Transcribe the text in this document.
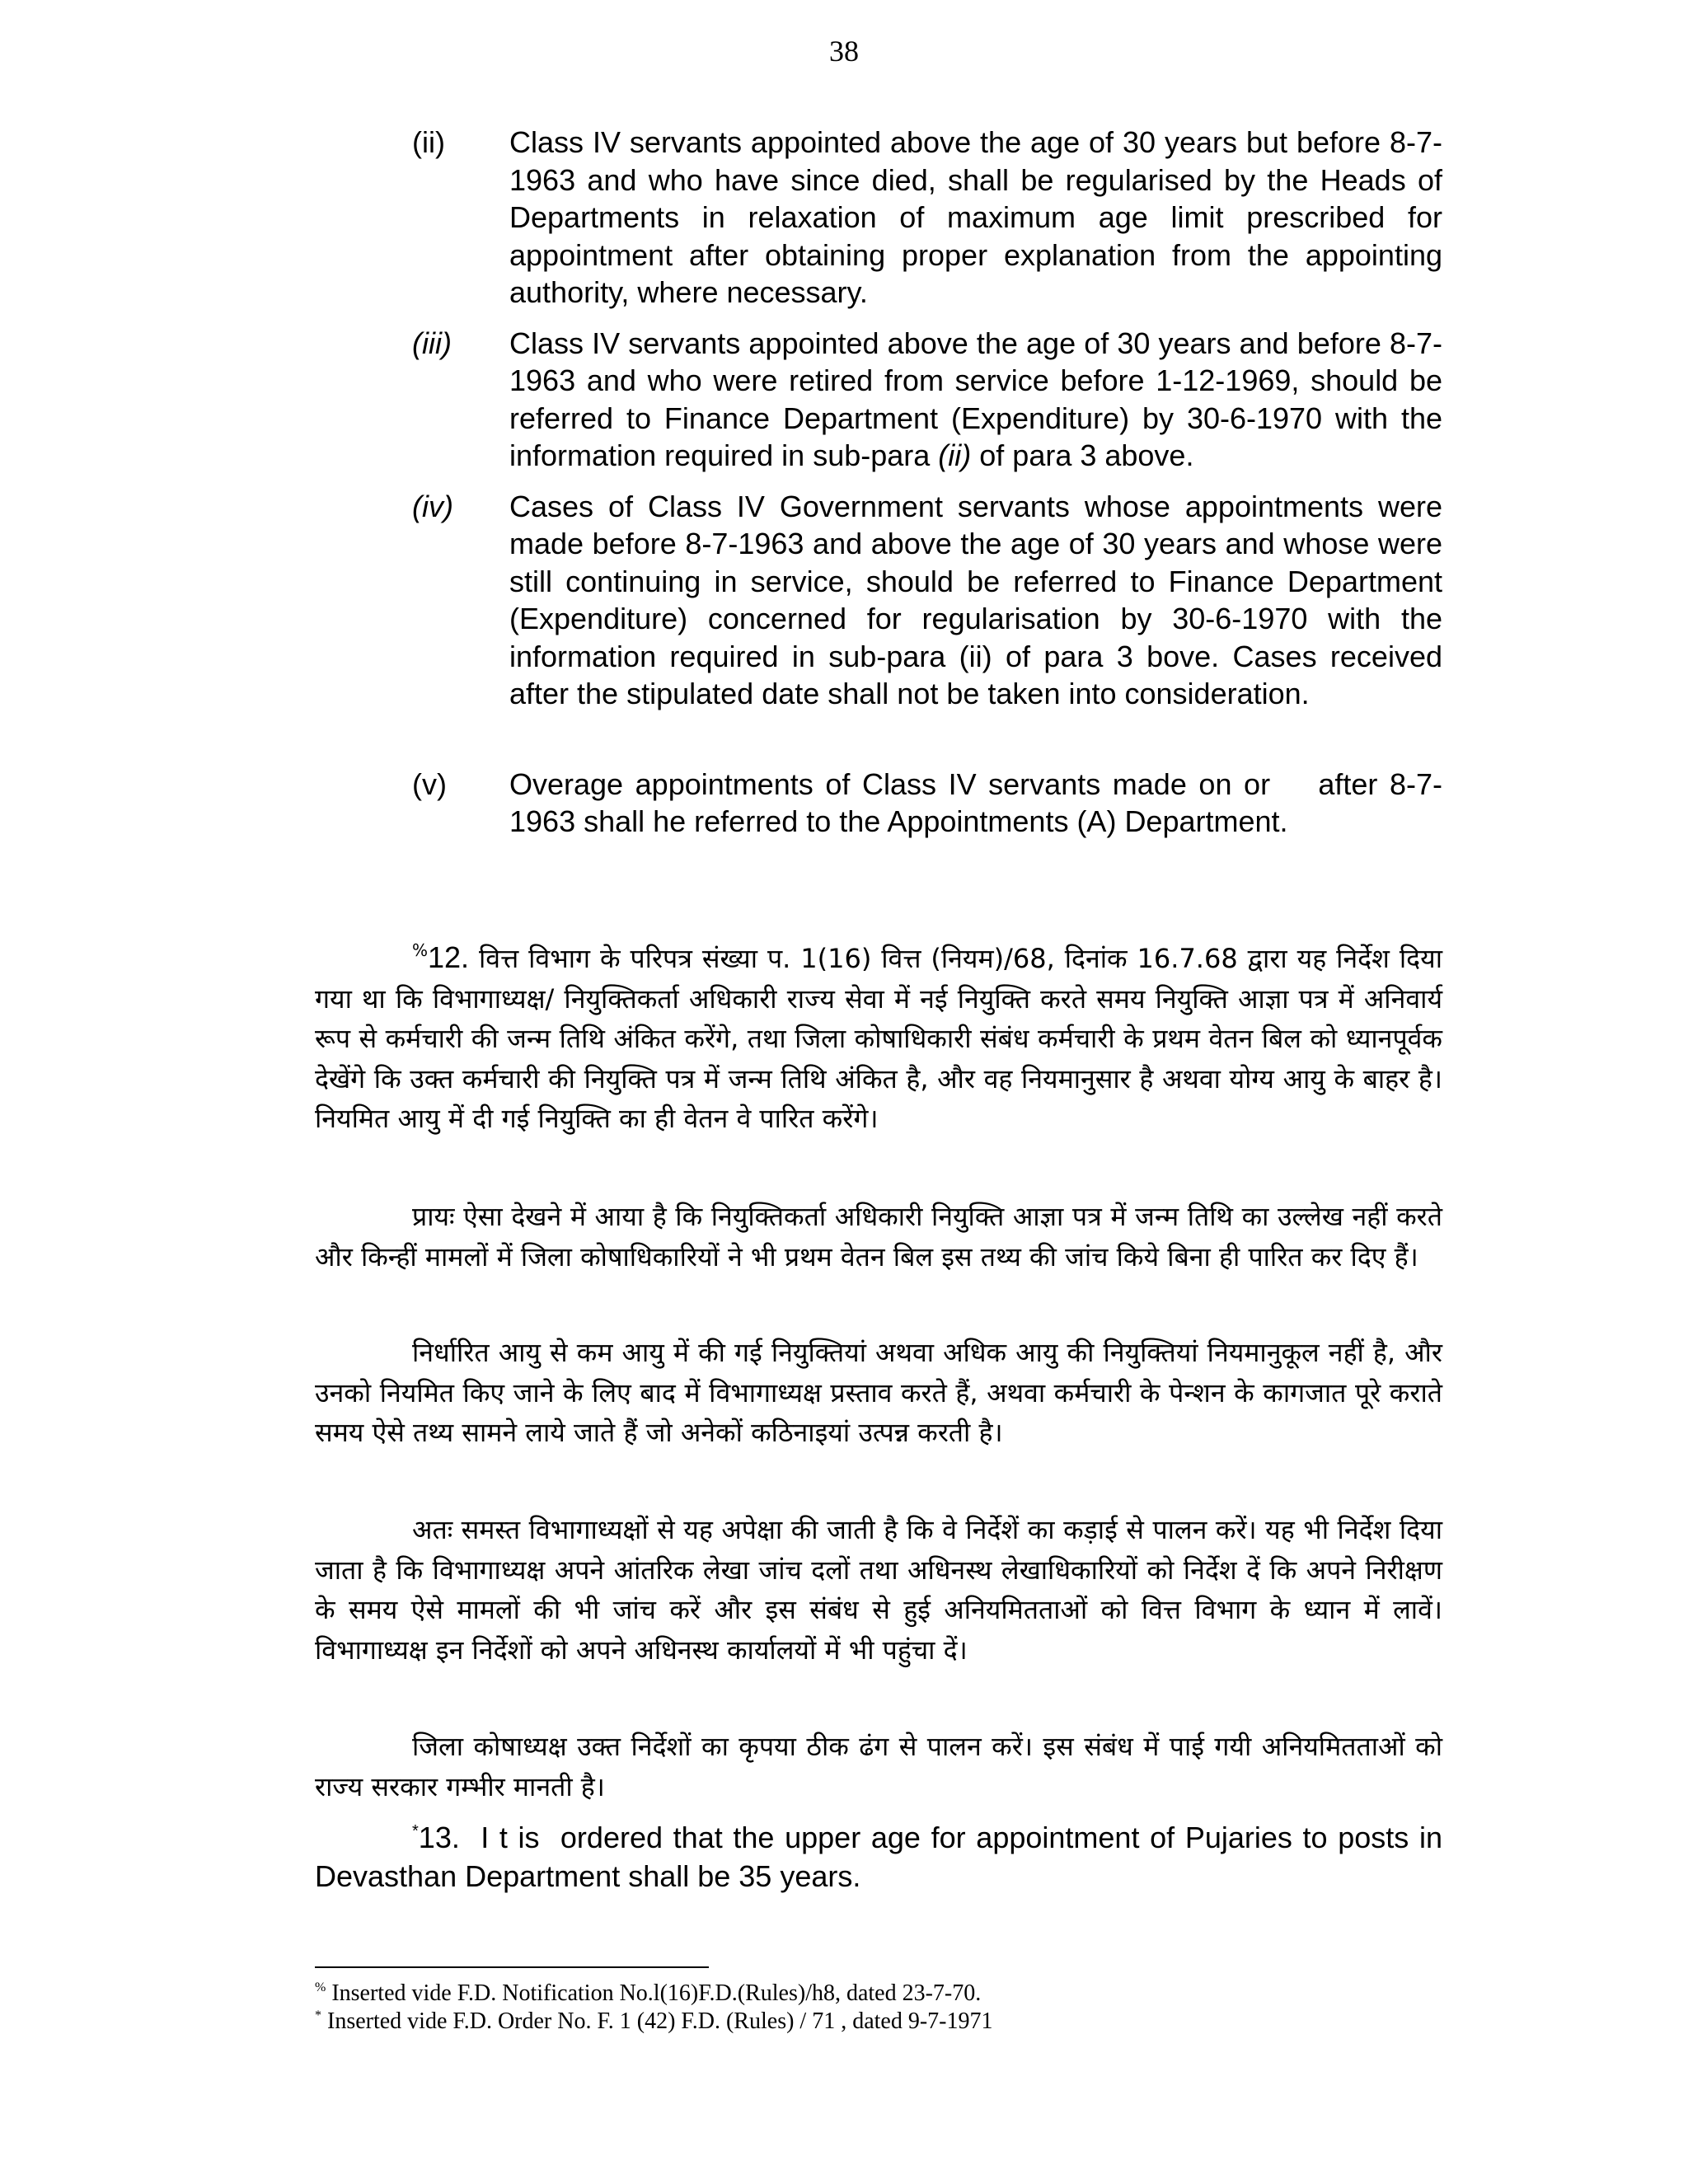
38
(ii)	Class IV servants appointed above the age of 30 years but before 8-7-1963 and who have since died, shall be regularised by the Heads of Departments in relaxation of maximum age limit prescribed for appointment after obtaining proper explanation from the appointing authority, where necessary.
(iii)	Class IV servants appointed above the age of 30 years and before 8-7-1963 and who were retired from service before 1-12-1969, should be referred to Finance Department (Expenditure) by 30-6-1970 with the information required in sub-para (ii) of para 3 above.
(iv)	Cases of Class IV Government servants whose appointments were made before 8-7-1963 and above the age of 30 years and whose were still continuing in service, should be referred to Finance Department (Expenditure) concerned for regularisation by 30-6-1970 with the information required in sub-para (ii) of para 3 bove. Cases received after the stipulated date shall not be taken into consideration.
(v)	Overage appointments of Class IV servants made on or    after 8-7-1963 shall he referred to the Appointments (A) Department.
%12. वित्त विभाग के परिपत्र संख्या प. 1(16) वित्त (नियम)/68, दिनांक 16.7.68 द्वारा यह निर्देश दिया गया था कि विभागाध्यक्ष/ नियुक्तिकर्ता अधिकारी राज्य सेवा में नई नियुक्ति करते समय नियुक्ति आज्ञा पत्र में अनिवार्य रूप से कर्मचारी की जन्म तिथि अंकित करेंगे, तथा जिला कोषाधिकारी संबंध कर्मचारी के प्रथम वेतन बिल को ध्यानपूर्वक देखेंगे कि उक्त कर्मचारी की नियुक्ति पत्र में जन्म तिथि अंकित है, और वह नियमानुसार है अथवा योग्य आयु के बाहर है। नियमित आयु में दी गई नियुक्ति का ही वेतन वे पारित करेंगे।
प्रायः ऐसा देखने में आया है कि नियुक्तिकर्ता अधिकारी नियुक्ति आज्ञा पत्र में जन्म तिथि का उल्लेख नहीं करते और किन्हीं मामलों में जिला कोषाधिकारियों ने भी प्रथम वेतन बिल इस तथ्य की जांच किये बिना ही पारित कर दिए हैं।
निर्धारित आयु से कम आयु में की गई नियुक्तियां अथवा अधिक आयु की नियुक्तियां नियमानुकूल नहीं है, और उनको नियमित किए जाने के लिए बाद में विभागाध्यक्ष प्रस्ताव करते हैं, अथवा कर्मचारी के पेन्शन के कागजात पूरे कराते समय ऐसे तथ्य सामने लाये जाते हैं जो अनेकों कठिनाइयां उत्पन्न करती है।
अतः समस्त विभागाध्यक्षों से यह अपेक्षा की जाती है कि वे निर्देशें का कड़ाई से पालन करें। यह भी निर्देश दिया जाता है कि विभागाध्यक्ष अपने आंतरिक लेखा जांच दलों तथा अधिनस्थ लेखाधिकारियों को निर्देश दें कि अपने निरीक्षण के समय ऐसे मामलों की भी जांच करें और इस संबंध से हुई अनियमितताओं को वित्त विभाग के ध्यान में लावें। विभागाध्यक्ष इन निर्देशों को अपने अधिनस्थ कार्यालयों में भी पहुंचा दें।
जिला कोषाध्यक्ष उक्त निर्देशों का कृपया ठीक ढंग से पालन करें। इस संबंध में पाई गयी अनियमितताओं को राज्य सरकार गम्भीर मानती है।
*13.  I t is  ordered that the upper age for appointment of Pujaries to posts in Devasthan Department shall be 35 years.
% Inserted vide F.D. Notification No.l(16)F.D.(Rules)/h8, dated 23-7-70.
* Inserted vide F.D. Order No. F. 1 (42) F.D. (Rules) / 71 , dated 9-7-1971
